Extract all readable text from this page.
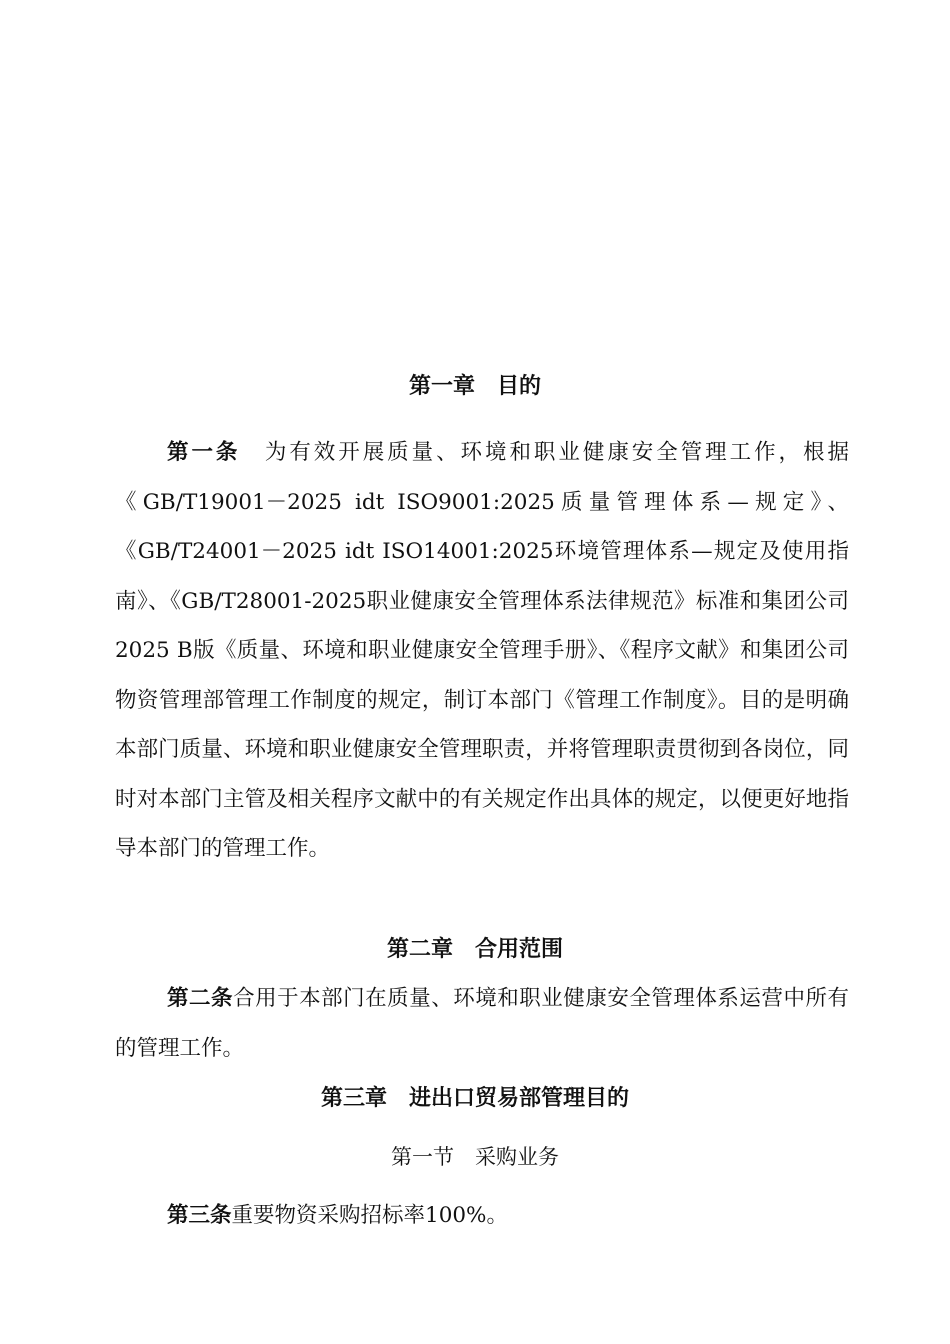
第一章　目的

第一条　为有效开展质量、环境和职业健康安全管理工作，根据《GB/T19001－2025 idt ISO9001:2025质量管理体系—规定》、《GB/T24001－2025 idt ISO14001:2025环境管理体系—规定及使用指南》、《GB/T28001-2025职业健康安全管理体系法律规范》标准和集团公司2025 B版《质量、环境和职业健康安全管理手册》、《程序文献》和集团公司物资管理部管理工作制度的规定，制订本部门《管理工作制度》。目的是明确本部门质量、环境和职业健康安全管理职责，并将管理职责贯彻到各岗位，同时对本部门主管及相关程序文献中的有关规定作出具体的规定，以便更好地指导本部门的管理工作。

第二章　合用范围

第二条合用于本部门在质量、环境和职业健康安全管理体系运营中所有的管理工作。

第三章　进出口贸易部管理目的
第一节　采购业务

第三条重要物资采购招标率100%。
